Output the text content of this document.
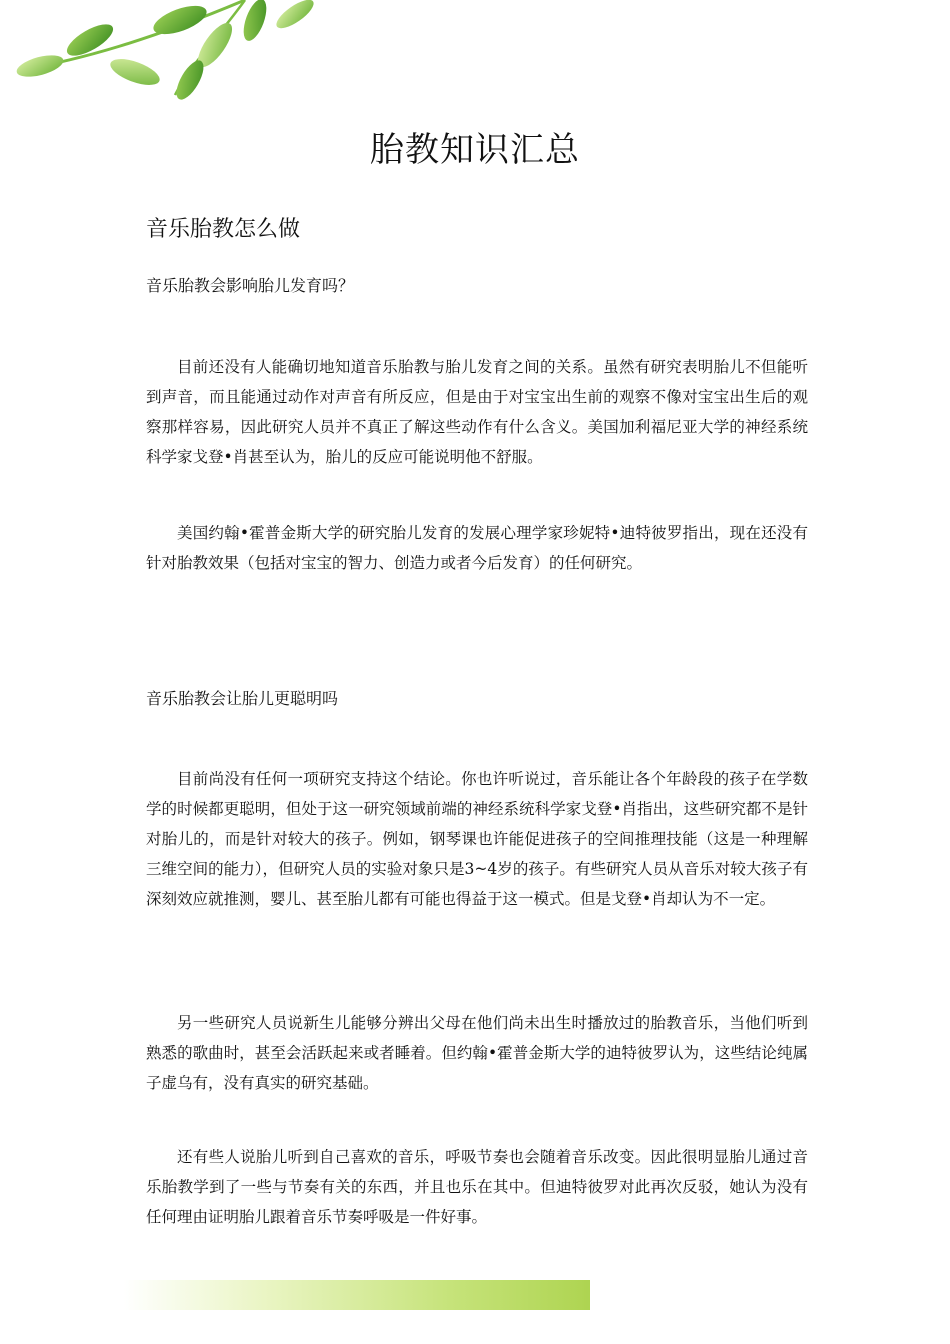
胎教知识汇总
音乐胎教怎么做
音乐胎教会影响胎儿发育吗？

目前还没有人能确切地知道音乐胎教与胎儿发育之间的关系。虽然有研究表明胎儿不但能听到声音，而且能通过动作对声音有所反应，但是由于对宝宝出生前的观察不像对宝宝出生后的观察那样容易，因此研究人员并不真正了解这些动作有什么含义。美国加利福尼亚大学的神经系统科学家戈登•肖甚至认为，胎儿的反应可能说明他不舒服。

美国约翰•霍普金斯大学的研究胎儿发育的发展心理学家珍妮特•迪特彼罗指出，现在还没有针对胎教效果（包括对宝宝的智力、创造力或者今后发育）的任何研究。

音乐胎教会让胎儿更聪明吗

目前尚没有任何一项研究支持这个结论。你也许听说过，音乐能让各个年龄段的孩子在学数学的时候都更聪明，但处于这一研究领域前端的神经系统科学家戈登•肖指出，这些研究都不是针对胎儿的，而是针对较大的孩子。例如，钢琴课也许能促进孩子的空间推理技能（这是一种理解三维空间的能力），但研究人员的实验对象只是3~4岁的孩子。有些研究人员从音乐对较大孩子有深刻效应就推测，婴儿、甚至胎儿都有可能也得益于这一模式。但是戈登•肖却认为不一定。

另一些研究人员说新生儿能够分辨出父母在他们尚未出生时播放过的胎教音乐，当他们听到熟悉的歌曲时，甚至会活跃起来或者睡着。但约翰•霍普金斯大学的迪特彼罗认为，这些结论纯属子虚乌有，没有真实的研究基础。

还有些人说胎儿听到自己喜欢的音乐，呼吸节奏也会随着音乐改变。因此很明显胎儿通过音乐胎教学到了一些与节奏有关的东西，并且也乐在其中。但迪特彼罗对此再次反驳，她认为没有任何理由证明胎儿跟着音乐节奏呼吸是一件好事。
